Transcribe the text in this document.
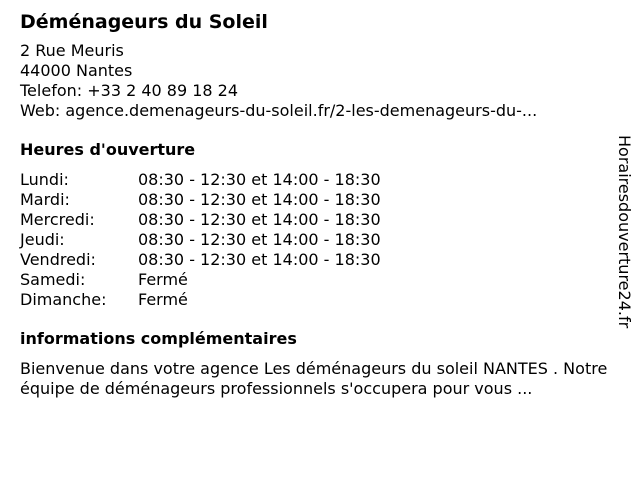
Déménageurs du Soleil
2 Rue Meuris
44000 Nantes
Telefon: +33 2 40 89 18 24
Web: agence.demenageurs-du-soleil.fr/2-les-demenageurs-du-...
Heures d'ouverture
Lundi:	08:30 - 12:30 et 14:00 - 18:30
Mardi:	08:30 - 12:30 et 14:00 - 18:30
Mercredi:	08:30 - 12:30 et 14:00 - 18:30
Jeudi:	08:30 - 12:30 et 14:00 - 18:30
Vendredi:	08:30 - 12:30 et 14:00 - 18:30
Samedi:	Fermé
Dimanche:	Fermé
informations complémentaires
Bienvenue dans votre agence Les déménageurs du soleil NANTES . Notre équipe de déménageurs professionnels s'occupera pour vous ...
Horairesdouverture24.fr
